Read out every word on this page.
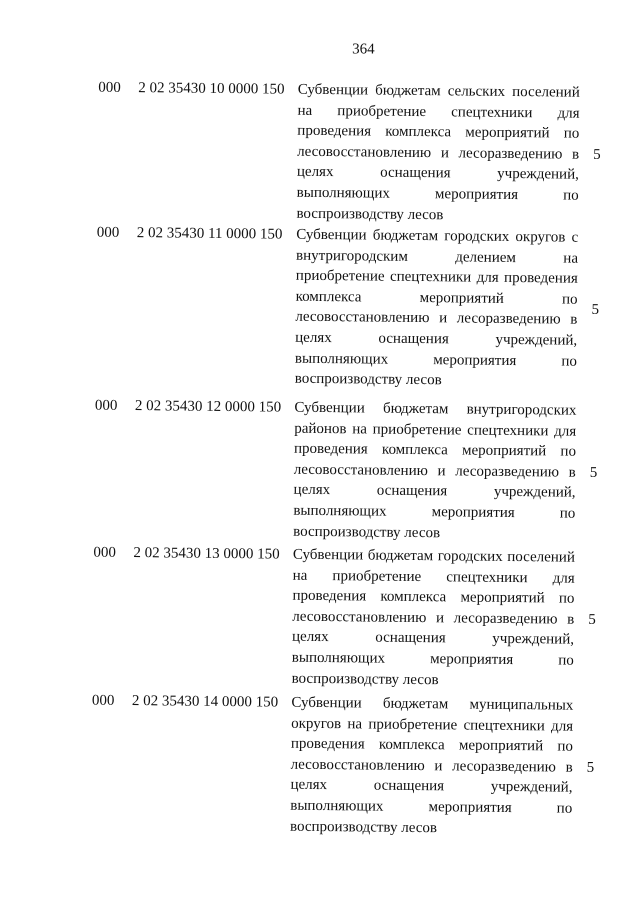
364
000 2 02 35430 10 0000 150 Субвенции бюджетам сельских поселений
на приобретение спецтехники для
проведения комплекса мероприятий по
лесовосстановлению и лесоразведению в
целях оснащения учреждений,
выполняющих мероприятия по
воспроизводству лесов
5
000 2 02 35430 11 0000 150 Субвенции бюджетам городских округов с
внутригородским делением на
приобретение спецтехники для проведения
комплекса мероприятий по
лесовосстановлению и лесоразведению в
целях оснащения учреждений,
выполняющих мероприятия по
воспроизводству лесов
5
000 2 02 35430 12 0000 150 Субвенции бюджетам внутригородских
районов на приобретение спецтехники для
проведения комплекса мероприятий по
лесовосстановлению и лесоразведению в
целях оснащения учреждений,
выполняющих мероприятия по
воспроизводству лесов
5
000 2 02 35430 13 0000 150 Субвенции бюджетам городских поселений
на приобретение спецтехники для
проведения комплекса мероприятий по
лесовосстановлению и лесоразведению в
целях оснащения учреждений,
выполняющих мероприятия по
воспроизводству лесов
5
000 2 02 35430 14 0000 150 Субвенции бюджетам муниципальных
округов на приобретение спецтехники для
проведения комплекса мероприятий по
лесовосстановлению и лесоразведению в
целях оснащения учреждений,
выполняющих мероприятия по
воспроизводству лесов
5
